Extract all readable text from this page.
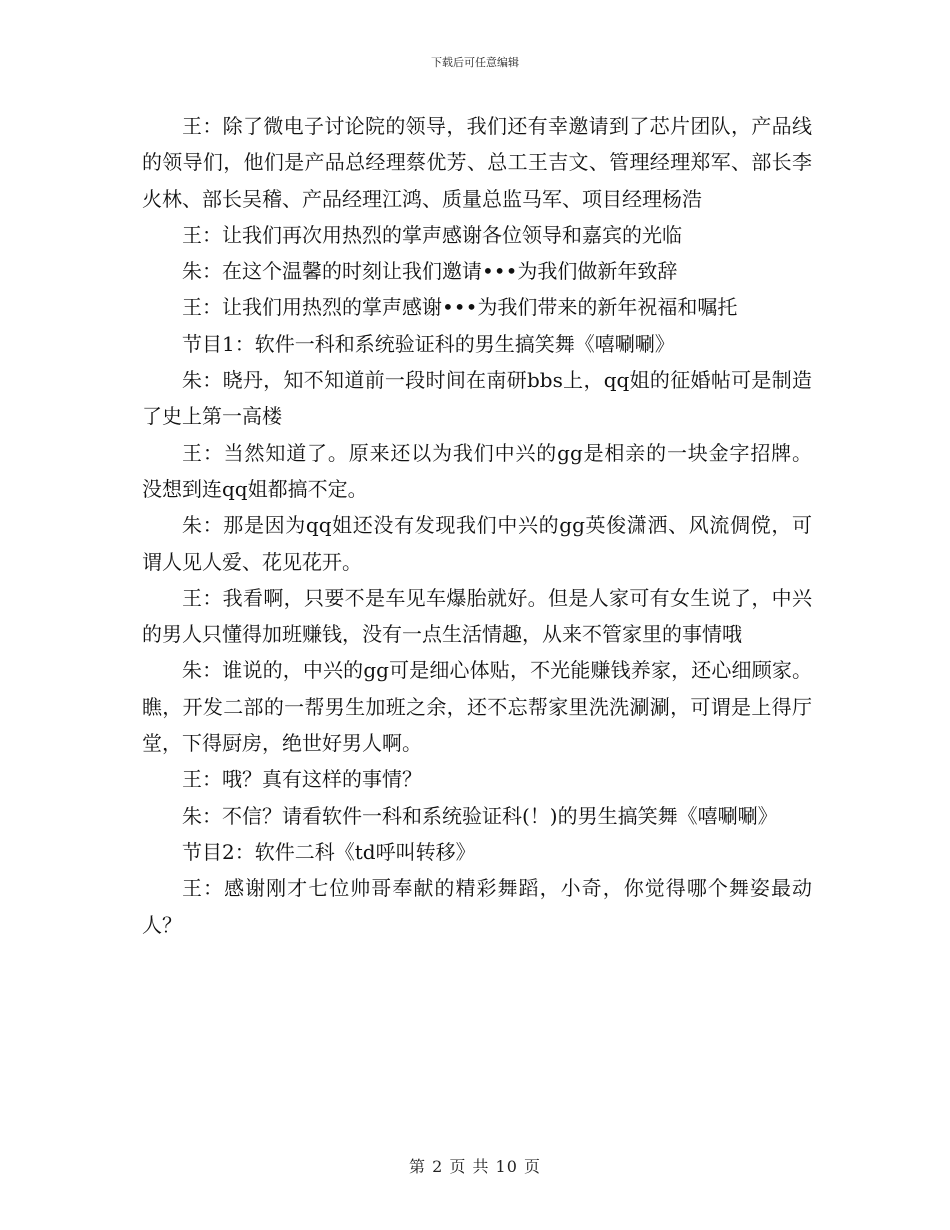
下载后可任意编辑

王：除了微电子讨论院的领导，我们还有幸邀请到了芯片团队，产品线的领导们，他们是产品总经理蔡优芳、总工王吉文、管理经理郑军、部长李火林、部长吴稽、产品经理江鸿、质量总监马军、项目经理杨浩

王：让我们再次用热烈的掌声感谢各位领导和嘉宾的光临

朱：在这个温馨的时刻让我们邀请•••为我们做新年致辞

王：让我们用热烈的掌声感谢•••为我们带来的新年祝福和嘱托

节目1：软件一科和系统验证科的男生搞笑舞《嘻唰唰》

朱：晓丹，知不知道前一段时间在南研bbs上，qq姐的征婚帖可是制造了史上第一高楼

王：当然知道了。原来还以为我们中兴的gg是相亲的一块金字招牌。 没想到连qq姐都搞不定。

朱：那是因为qq姐还没有发现我们中兴的gg英俊潇洒、风流倜傥，可谓人见人爱、花见花开。

王：我看啊，只要不是车见车爆胎就好。但是人家可有女生说了，中兴的男人只懂得加班赚钱，没有一点生活情趣，从来不管家里的事情哦

朱：谁说的，中兴的gg可是细心体贴，不光能赚钱养家，还心细顾家。瞧，开发二部的一帮男生加班之余，还不忘帮家里洗洗涮涮，可谓是上得厅堂，下得厨房，绝世好男人啊。

王：哦？真有这样的事情？

朱：不信？请看软件一科和系统验证科(！)的男生搞笑舞《嘻唰唰》

节目2：软件二科《td呼叫转移》

王：感谢刚才七位帅哥奉献的精彩舞蹈，小奇，你觉得哪个舞姿最动人？

第 2 页 共 10 页
